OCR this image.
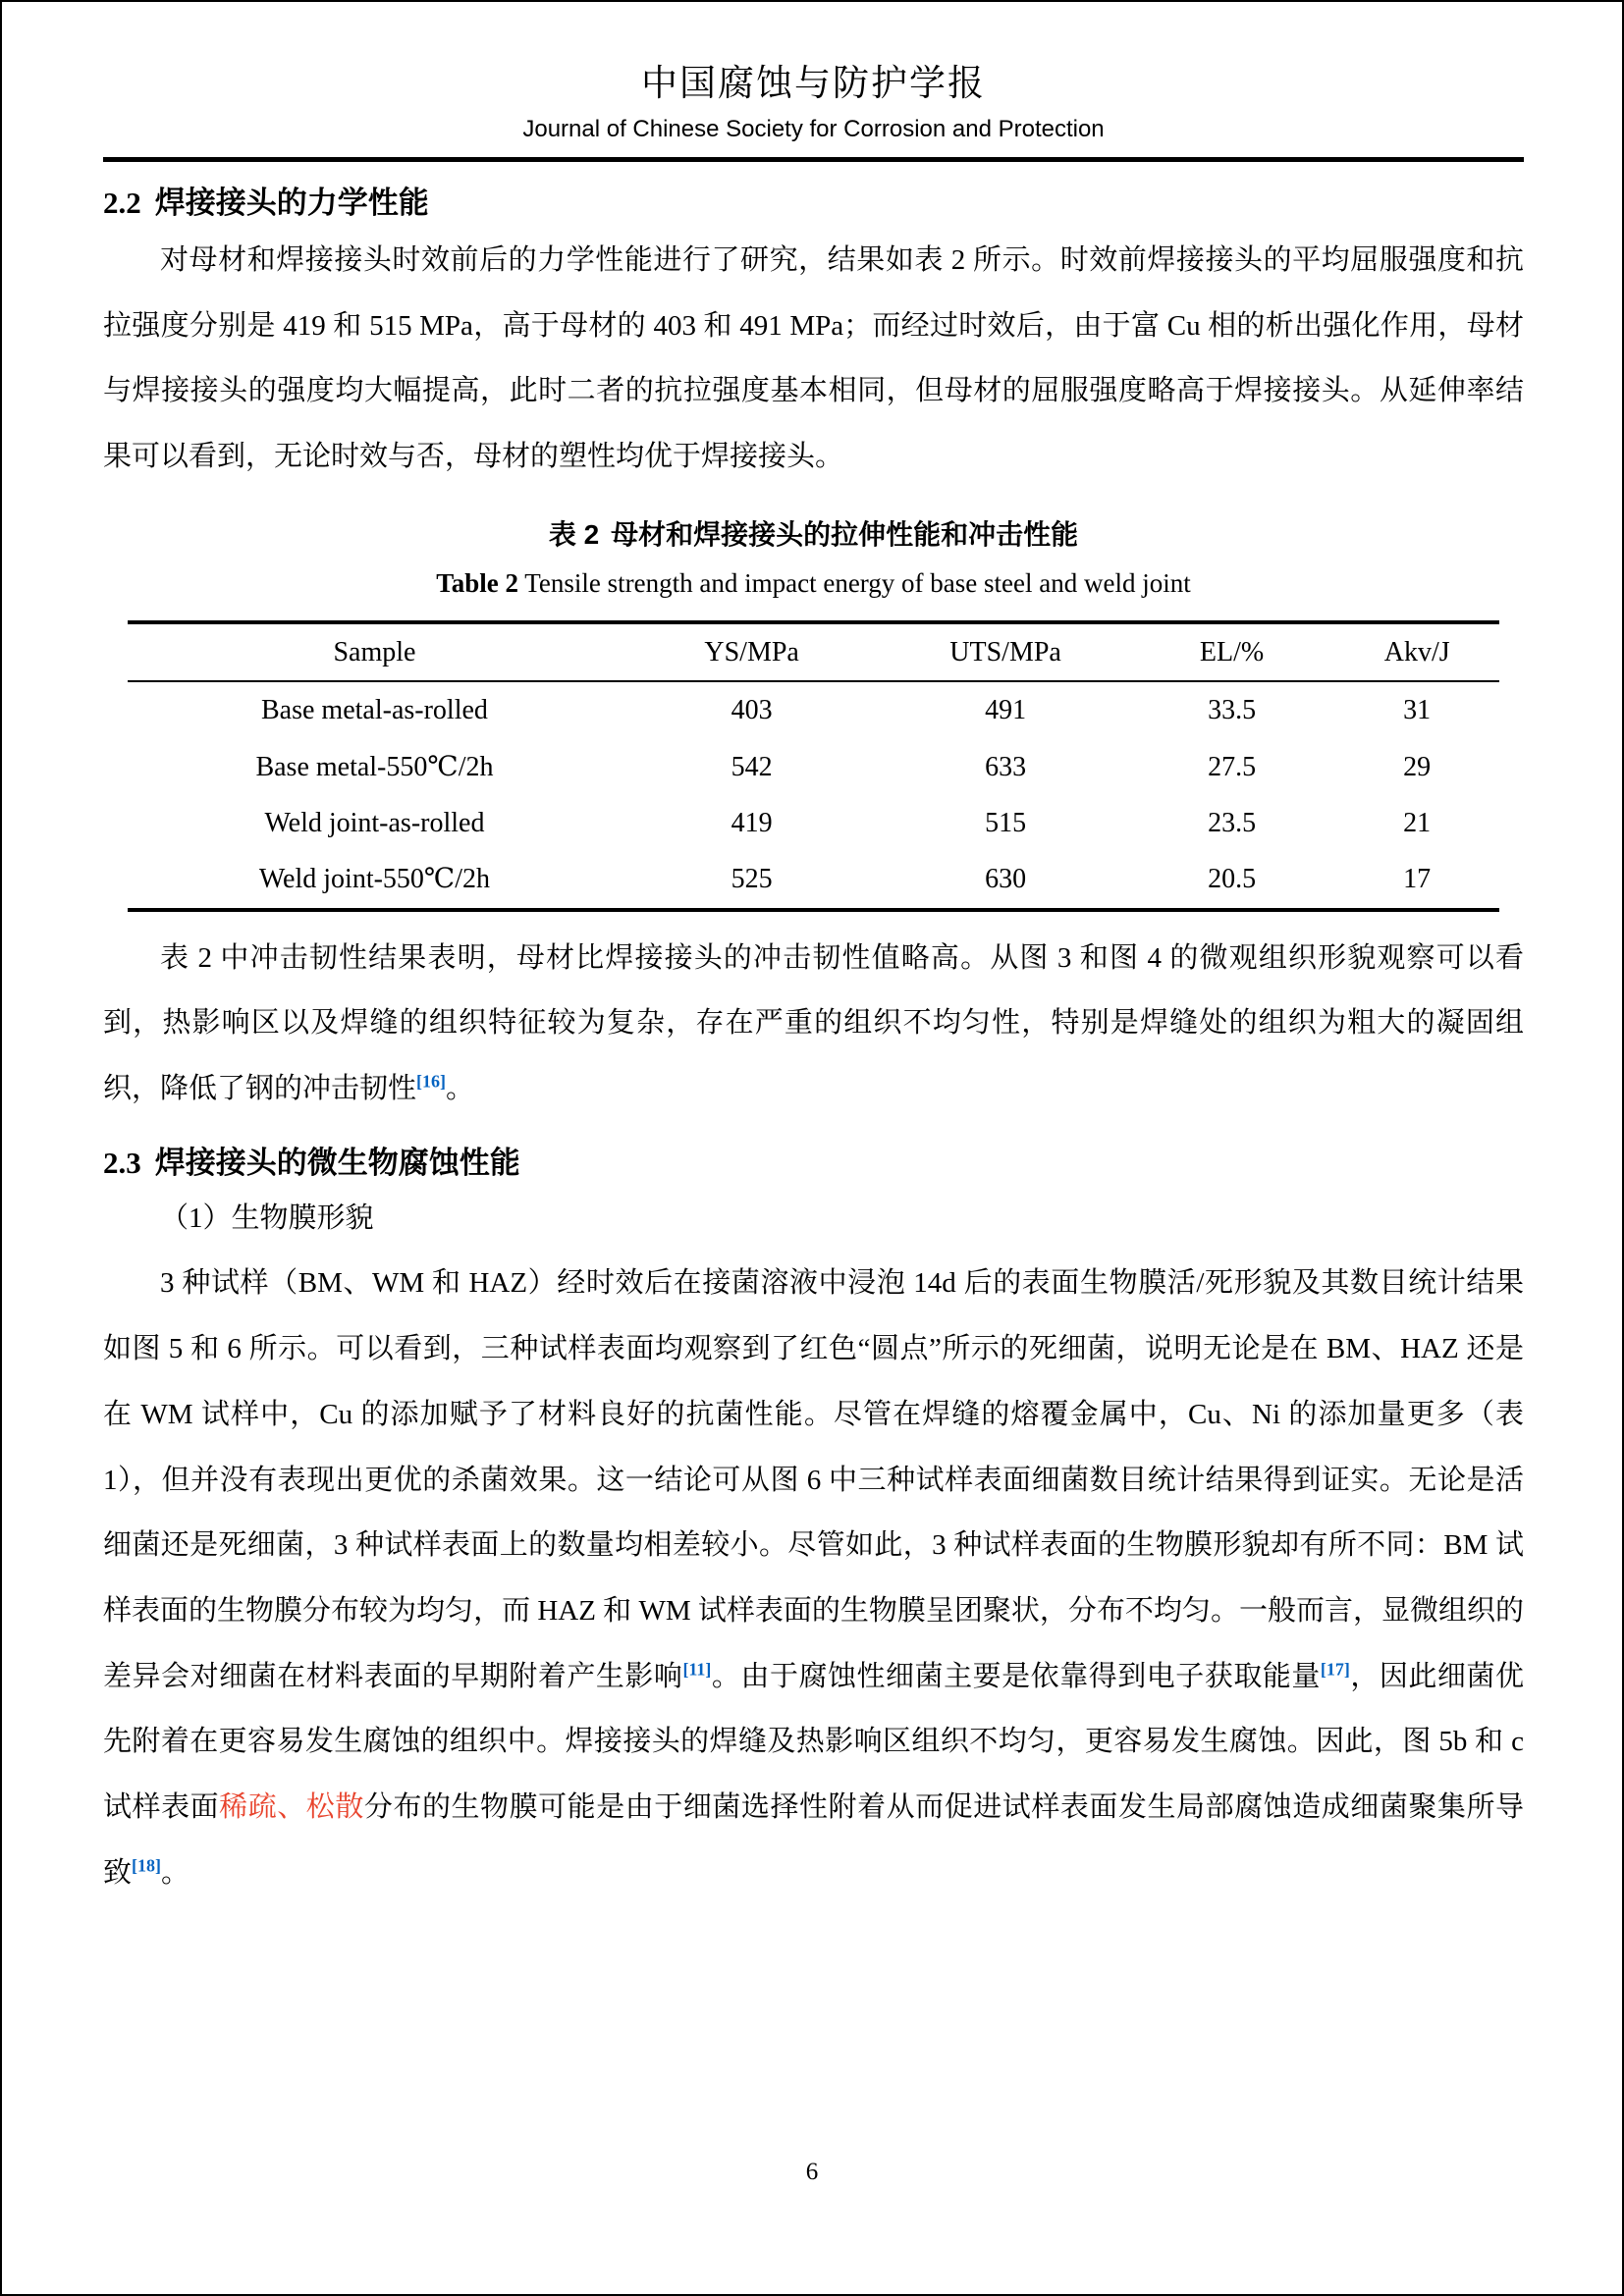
中国腐蚀与防护学报
Journal of Chinese Society for Corrosion and Protection
2.2 焊接接头的力学性能

对母材和焊接接头时效前后的力学性能进行了研究，结果如表 2 所示。时效前焊接接头的平均屈服强度和抗拉强度分别是 419 和 515 MPa，高于母材的 403 和 491 MPa；而经过时效后，由于富 Cu 相的析出强化作用，母材与焊接接头的强度均大幅提高，此时二者的抗拉强度基本相同，但母材的屈服强度略高于焊接接头。从延伸率结果可以看到，无论时效与否，母材的塑性均优于焊接接头。

表 2 母材和焊接接头的拉伸性能和冲击性能
Table 2 Tensile strength and impact energy of base steel and weld joint
Sample	YS/MPa	UTS/MPa	EL/%	Akv/J
Base metal-as-rolled	403	491	33.5	31
Base metal-550℃/2h	542	633	27.5	29
Weld joint-as-rolled	419	515	23.5	21
Weld joint-550℃/2h	525	630	20.5	17

表 2 中冲击韧性结果表明，母材比焊接接头的冲击韧性值略高。从图 3 和图 4 的微观组织形貌观察可以看到，热影响区以及焊缝的组织特征较为复杂，存在严重的组织不均匀性，特别是焊缝处的组织为粗大的凝固组织，降低了钢的冲击韧性[16]。

2.3 焊接接头的微生物腐蚀性能
（1）生物膜形貌

3 种试样（BM、WM 和 HAZ）经时效后在接菌溶液中浸泡 14d 后的表面生物膜活/死形貌及其数目统计结果如图 5 和 6 所示。可以看到，三种试样表面均观察到了红色“圆点”所示的死细菌，说明无论是在 BM、HAZ 还是在 WM 试样中，Cu 的添加赋予了材料良好的抗菌性能。尽管在焊缝的熔覆金属中，Cu、Ni 的添加量更多（表 1），但并没有表现出更优的杀菌效果。这一结论可从图 6 中三种试样表面细菌数目统计结果得到证实。无论是活细菌还是死细菌，3 种试样表面上的数量均相差较小。尽管如此，3 种试样表面的生物膜形貌却有所不同：BM 试样表面的生物膜分布较为均匀，而 HAZ 和 WM 试样表面的生物膜呈团聚状，分布不均匀。一般而言，显微组织的差异会对细菌在材料表面的早期附着产生影响[11]。由于腐蚀性细菌主要是依靠得到电子获取能量[17]，因此细菌优先附着在更容易发生腐蚀的组织中。焊接接头的焊缝及热影响区组织不均匀，更容易发生腐蚀。因此，图 5b 和 c 试样表面稀疏、松散分布的生物膜可能是由于细菌选择性附着从而促进试样表面发生局部腐蚀造成细菌聚集所导致[18]。

6
